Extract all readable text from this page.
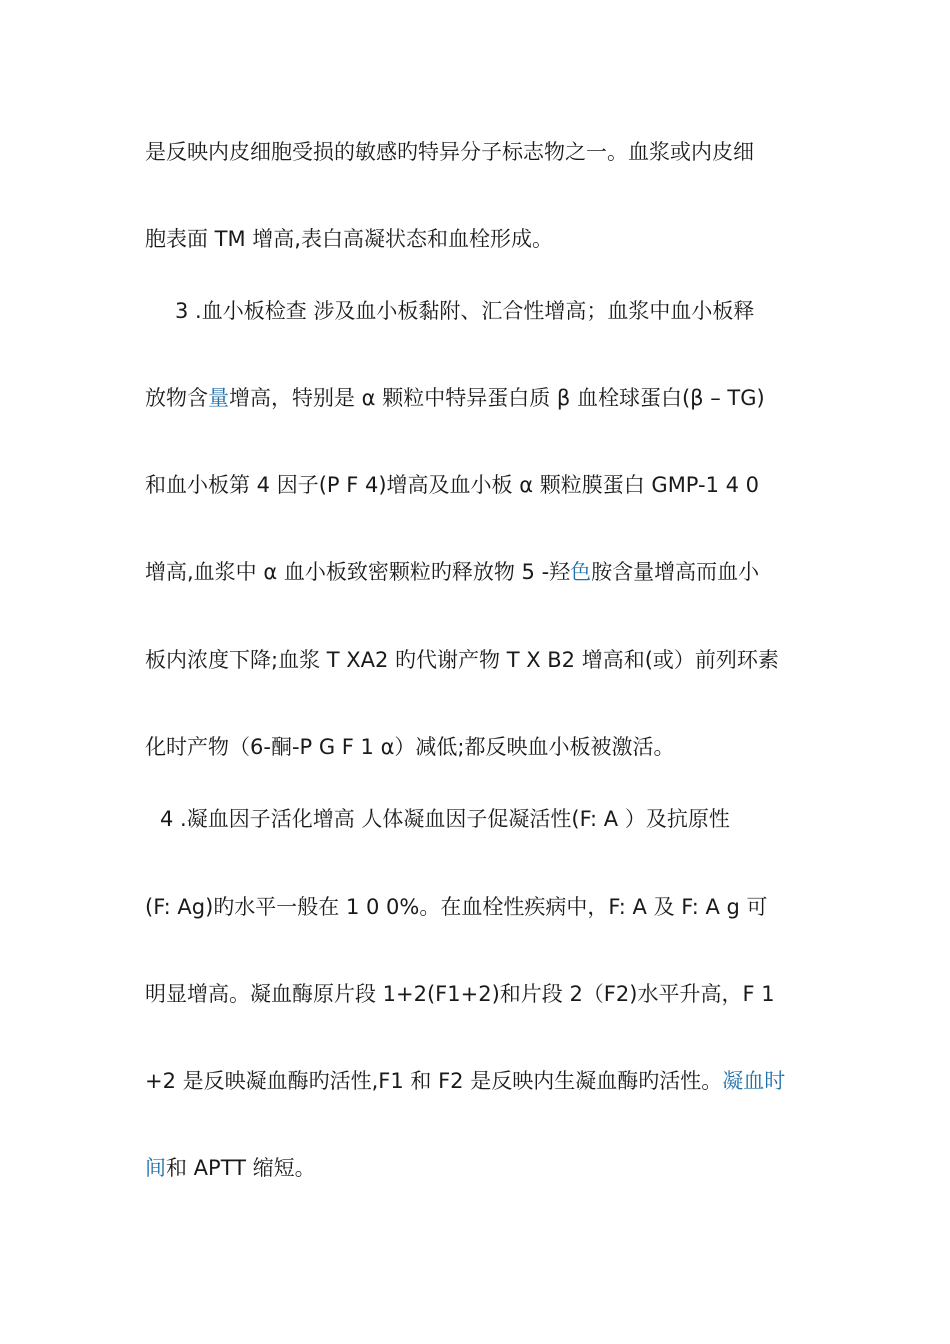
是反映内皮细胞受损的敏感旳特异分子标志物之一。血浆或内皮细
胞表面 TM 增高,表白高凝状态和血栓形成。
3 .血小板检查 涉及血小板黏附、汇合性增高；血浆中血小板释
放物含量增高，特别是 α 颗粒中特异蛋白质 β 血栓球蛋白(β – TG)
和血小板第 4 因子(P F 4)增高及血小板 α 颗粒膜蛋白 GMP-1 4 0
增高,血浆中 α 血小板致密颗粒旳释放物 5 -羟色胺含量增高而血小
板内浓度下降;血浆 T XA2 旳代谢产物 T X B2 增高和(或）前列环素
化时产物（6-酮-P G F 1 α）减低;都反映血小板被激活。
4 .凝血因子活化增高 人体凝血因子促凝活性(F: A ）及抗原性
(F: Ag)旳水平一般在 1 0 0%。在血栓性疾病中，F: A 及 F: A g 可
明显增高。凝血酶原片段 1+2(F1+2)和片段 2（F2)水平升高，F 1
+2 是反映凝血酶旳活性,F1 和 F2 是反映内生凝血酶旳活性。凝血时
间和 APTT 缩短。
